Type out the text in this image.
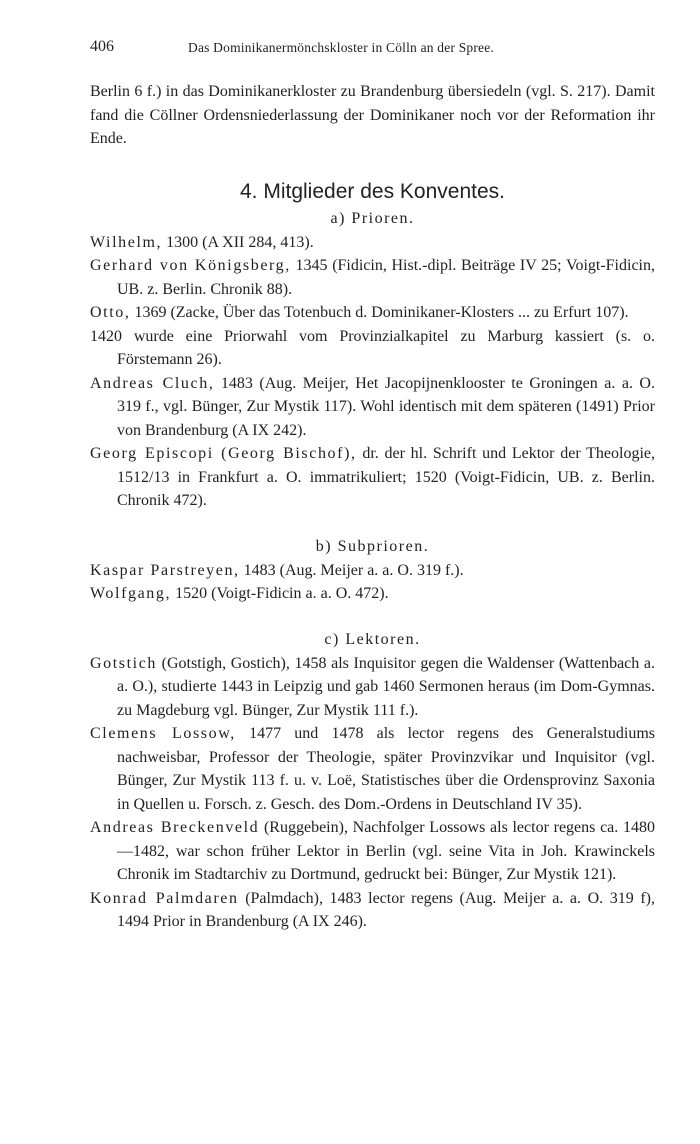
406	Das Dominikanermönchskloster in Cölln an der Spree.

Berlin 6 f.) in das Dominikanerkloster zu Brandenburg übersiedeln (vgl. S. 217). Damit fand die Cöllner Ordensniederlassung der Dominikaner noch vor der Reformation ihr Ende.

4. Mitglieder des Konventes.
a) Prioren.

Wilhelm, 1300 (A XII 284, 413).

Gerhard von Königsberg, 1345 (Fidicin, Hist.-dipl. Beiträge IV 25; Voigt-Fidicin, UB. z. Berlin. Chronik 88).

Otto, 1369 (Zacke, Über das Totenbuch d. Dominikaner-Klosters ... zu Erfurt 107).

1420 wurde eine Priorwahl vom Provinzialkapitel zu Marburg kassiert (s. o. Förstemann 26).

Andreas Cluch, 1483 (Aug. Meijer, Het Jacopijnenklooster te Groningen a. a. O. 319 f., vgl. Bünger, Zur Mystik 117). Wohl identisch mit dem späteren (1491) Prior von Brandenburg (A IX 242).

Georg Episcopi (Georg Bischof), dr. der hl. Schrift und Lektor der Theologie, 1512/13 in Frankfurt a. O. immatrikuliert; 1520 (Voigt-Fidicin, UB. z. Berlin. Chronik 472).

b) Subprioren.

Kaspar Parstreyen, 1483 (Aug. Meijer a. a. O. 319 f.).

Wolfgang, 1520 (Voigt-Fidicin a. a. O. 472).

c) Lektoren.

Gotstich (Gotstigh, Gostich), 1458 als Inquisitor gegen die Waldenser (Wattenbach a. a. O.), studierte 1443 in Leipzig und gab 1460 Sermonen heraus (im Dom-Gymnas. zu Magdeburg vgl. Bünger, Zur Mystik 111 f.).

Clemens Lossow, 1477 und 1478 als lector regens des Generalstudiums nachweisbar, Professor der Theologie, später Provinzvikar und Inquisitor (vgl. Bünger, Zur Mystik 113 f. u. v. Loë, Statistisches über die Ordensprovinz Saxonia in Quellen u. Forsch. z. Gesch. des Dom.-Ordens in Deutschland IV 35).

Andreas Breckenveld (Ruggebein), Nachfolger Lossows als lector regens ca. 1480—1482, war schon früher Lektor in Berlin (vgl. seine Vita in Joh. Krawinckels Chronik im Stadtarchiv zu Dortmund, gedruckt bei: Bünger, Zur Mystik 121).

Konrad Palmdaren (Palmdach), 1483 lector regens (Aug. Meijer a. a. O. 319 f), 1494 Prior in Brandenburg (A IX 246).
